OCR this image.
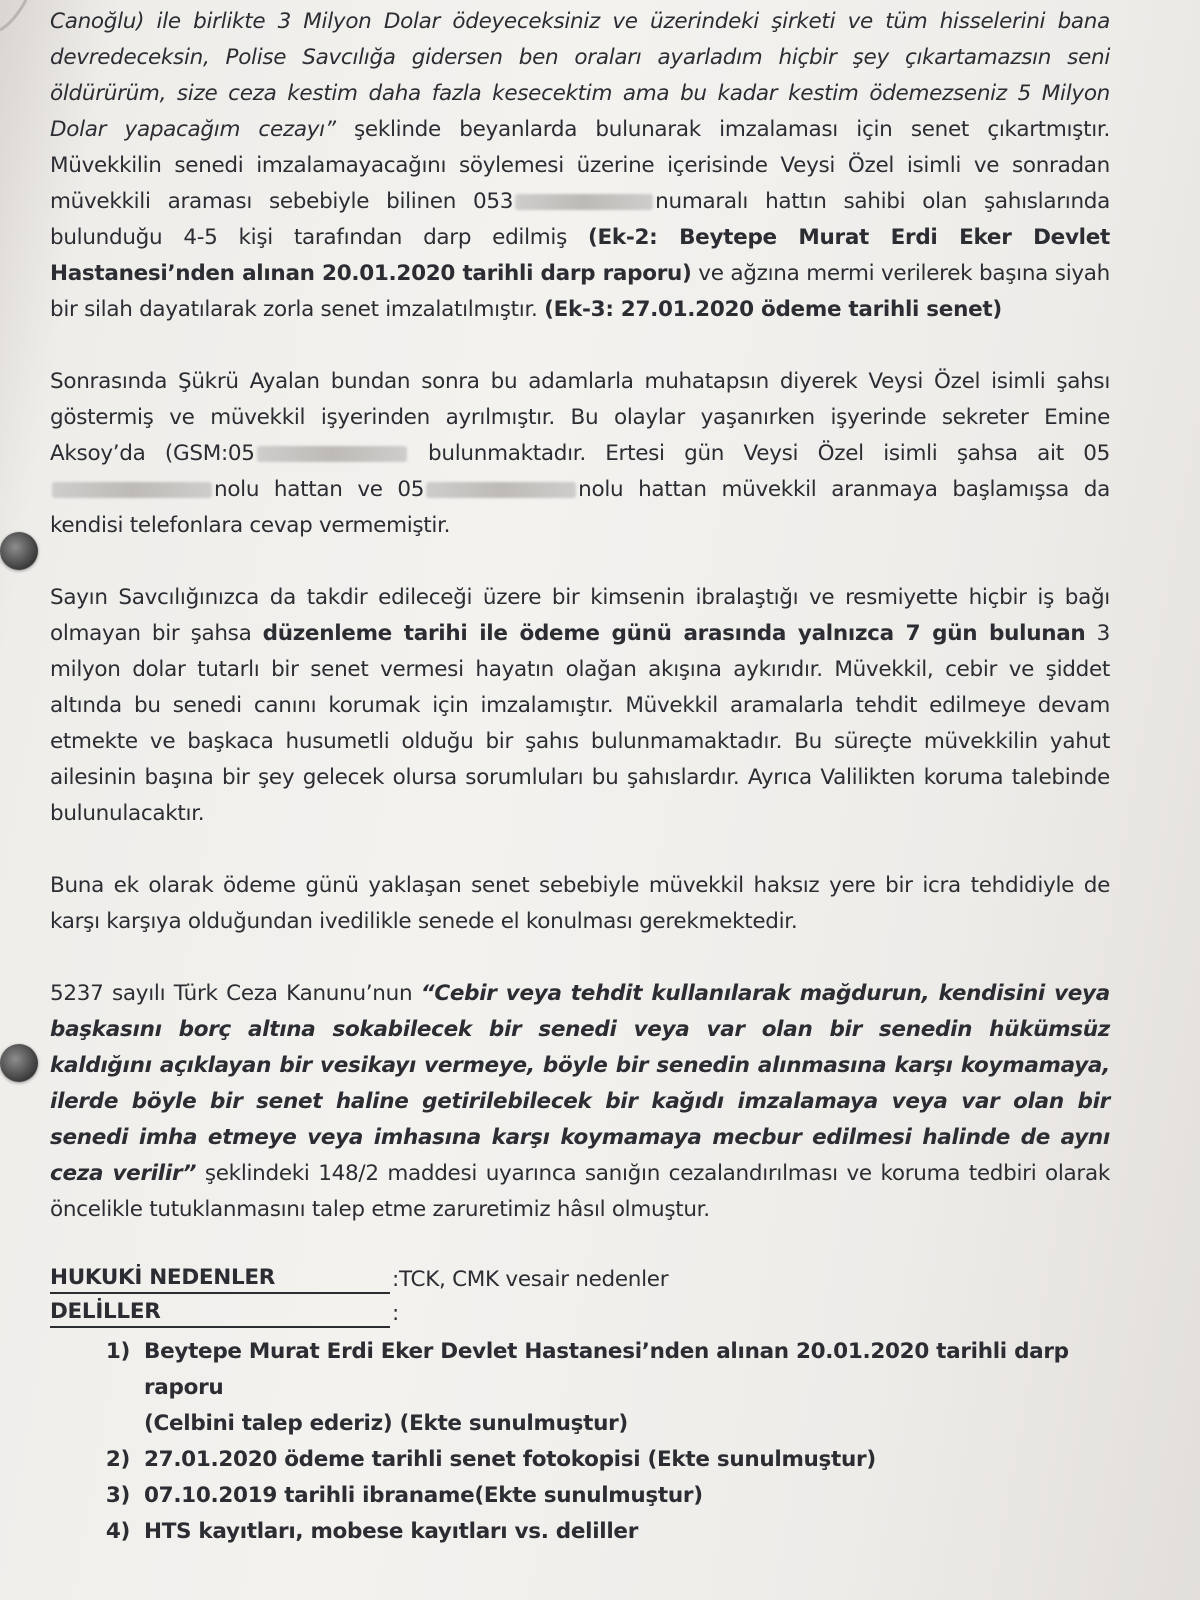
Canoğlu) ile birlikte 3 Milyon Dolar ödeyeceksiniz ve üzerindeki şirketi ve tüm hisselerini bana devredeceksin, Polise Savcılığa gidersen ben oraları ayarladım hiçbir şey çıkartamazsın seni öldürürüm, size ceza kestim daha fazla kesecektim ama bu kadar kestim ödemezseniz 5 Milyon Dolar yapacağım cezayı” şeklinde beyanlarda bulunarak imzalaması için senet çıkartmıştır. Müvekkilin senedi imzalamayacağını söylemesi üzerine içerisinde Veysi Özel isimli ve sonradan müvekkili araması sebebiyle bilinen 053	numaralı hattın sahibi olan şahıslarında bulunduğu 4-5 kişi tarafından darp edilmiş (Ek-2: Beytepe Murat Erdi Eker Devlet Hastanesi’nden alınan 20.01.2020 tarihli darp raporu) ve ağzına mermi verilerek başına siyah bir silah dayatılarak zorla senet imzalatılmıştır. (Ek-3: 27.01.2020 ödeme tarihli senet)

Sonrasında Şükrü Ayalan bundan sonra bu adamlarla muhatapsın diyerek Veysi Özel isimli şahsı göstermiş ve müvekkil işyerinden ayrılmıştır. Bu olaylar yaşanırken işyerinde sekreter Emine Aksoy’da (GSM:05	bulunmaktadır. Ertesi gün Veysi Özel isimli şahsa ait 05nolu hattan ve 05	nolu hattan müvekkil aranmaya başlamışsa da kendisi telefonlara cevap vermemiştir.

Sayın Savcılığınızca da takdir edileceği üzere bir kimsenin ibralaştığı ve resmiyette hiçbir iş bağı olmayan bir şahsa düzenleme tarihi ile ödeme günü arasında yalnızca 7 gün bulunan 3 milyon dolar tutarlı bir senet vermesi hayatın olağan akışına aykırıdır. Müvekkil, cebir ve şiddet altında bu senedi canını korumak için imzalamıştır. Müvekkil aramalarla tehdit edilmeye devam etmekte ve başkaca husumetli olduğu bir şahıs bulunmamaktadır. Bu süreçte müvekkilin yahut ailesinin başına bir şey gelecek olursa sorumluları bu şahıslardır. Ayrıca Valilikten koruma talebinde bulunulacaktır.

Buna ek olarak ödeme günü yaklaşan senet sebebiyle müvekkil haksız yere bir icra tehdidiyle de karşı karşıya olduğundan ivedilikle senede el konulması gerekmektedir.

5237 sayılı Türk Ceza Kanunu’nun “Cebir veya tehdit kullanılarak mağdurun, kendisini veya başkasını borç altına sokabilecek bir senedi veya var olan bir senedin hükümsüz kaldığını açıklayan bir vesikayı vermeye, böyle bir senedin alınmasına karşı koymamaya, ilerde böyle bir senet haline getirilebilecek bir kağıdı imzalamaya veya var olan bir senedi imha etmeye veya imhasına karşı koymamaya mecbur edilmesi halinde de aynı ceza verilir” şeklindeki 148/2 maddesi uyarınca sanığın cezalandırılması ve koruma tedbiri olarak öncelikle tutuklanmasını talep etme zaruretimiz hâsıl olmuştur.

HUKUKİ NEDENLER	:TCK, CMK vesair nedenler
DELİLLER	:
1) Beytepe Murat Erdi Eker Devlet Hastanesi’nden alınan 20.01.2020 tarihli darp raporu
(Celbini talep ederiz) (Ekte sunulmuştur)
2) 27.01.2020 ödeme tarihli senet fotokopisi (Ekte sunulmuştur)
3) 07.10.2019 tarihli ibraname(Ekte sunulmuştur)
4) HTS kayıtları, mobese kayıtları vs. deliller
